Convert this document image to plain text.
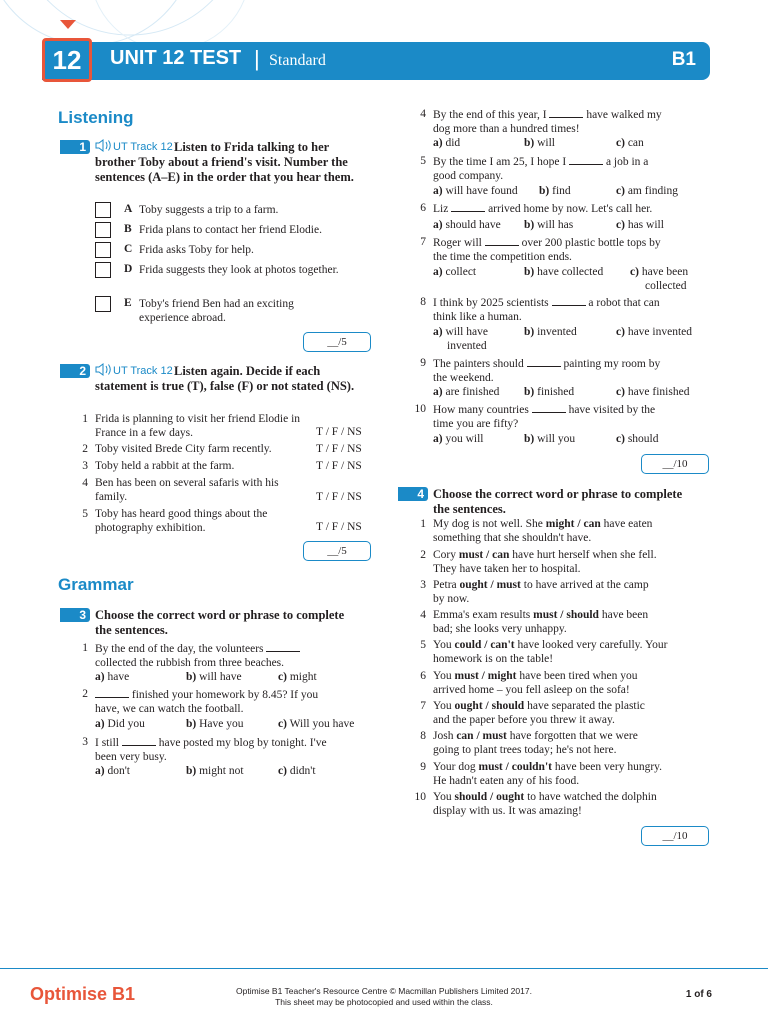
12	UNIT 12 TEST | Standard	B1
Listening
1	UT Track 12 Listen to Frida talking to her brother Toby about a friend's visit. Number the sentences (A–E) in the order that you hear them.
A Toby suggests a trip to a farm.
B Frida plans to contact her friend Elodie.
C Frida asks Toby for help.
D Frida suggests they look at photos together.
E Toby's friend Ben had an exciting experience abroad.
__/5
2	UT Track 12 Listen again. Decide if each statement is true (T), false (F) or not stated (NS).
1 Frida is planning to visit her friend Elodie in France in a few days.	T / F / NS
2 Toby visited Brede City farm recently.	T / F / NS
3 Toby held a rabbit at the farm.	T / F / NS
4 Ben has been on several safaris with his family.	T / F / NS
5 Toby has heard good things about the photography exhibition.	T / F / NS
__/5
Grammar
3 Choose the correct word or phrase to complete the sentences.
1 By the end of the day, the volunteers
collected the rubbish from three beaches.
a) have	b) will have	c) might
2	finished your homework by 8.45? If you
have, we can watch the football.
a) Did you	b) Have you	c) Will you have
3 I still	have posted my blog by tonight. I've
been very busy.
a) don't	b) might not	c) didn't
4 By the end of this year, I	have walked my
dog more than a hundred times!
a) did	b) will	c) can
5 By the time I am 25, I hope I	a job in a
good company.
a) will have found b) find	c) am finding
6 Liz	arrived home by now. Let's call her.
a) should have b) will has	c) has will
7 Roger will	over 200 plastic bottle tops by
the time the competition ends.
a) collect	b) have collected c) have been
collected
8 I think by 2025 scientists	a robot that can
think like a human.
a) will have
invented
b) invented	c) have invented
9 The painters should	painting my room by
the weekend.
a) are finished b) finished	c) have finished
10 How many countries	have visited by the
time you are fifty?
a) you will	b) will you	c) should
__/10
4 Choose the correct word or phrase to complete the sentences.
1 My dog is not well. She might / can have eaten
something that she shouldn't have.
2 Cory must / can have hurt herself when she fell.
They have taken her to hospital.
3 Petra ought / must to have arrived at the camp
by now.
4 Emma's exam results must / should have been
bad; she looks very unhappy.
5 You could / can't have looked very carefully. Your
homework is on the table!
6 You must / might have been tired when you
arrived home – you fell asleep on the sofa!
7 You ought / should have separated the plastic
and the paper before you threw it away.
8 Josh can / must have forgotten that we were
going to plant trees today; he's not here.
9 Your dog must / couldn't have been very hungry.
He hadn't eaten any of his food.
10 You should / ought to have watched the dolphin
display with us. It was amazing!
__/10
Optimise B1	Optimise B1 Teacher's Resource Centre © Macmillan Publishers Limited 2017.
This sheet may be photocopied and used within the class.
1 of 6
